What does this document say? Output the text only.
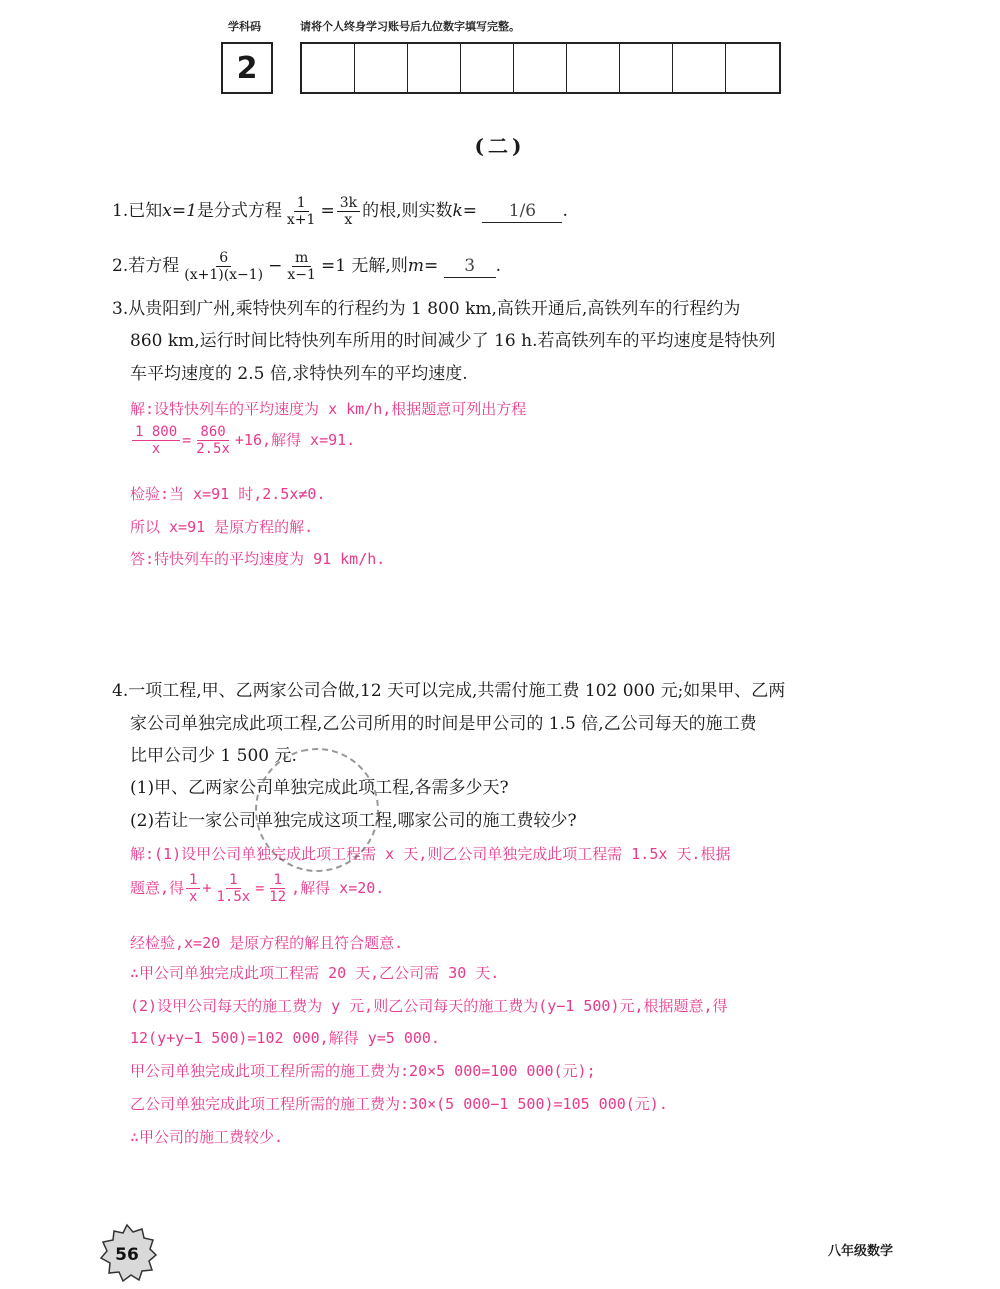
学科码	请将个人终身学习账号后九位数字填写完整。
2
(二)
1.已知x=1是分式方程 $\frac{1}{x+1} = \frac{3k}{x}$ 的根,则实数k= 1/6 .
2.若方程 $\frac{6}{(x+1)(x-1)} - \frac{m}{x-1} =1$ 无解,则m= 3 .
3.从贵阳到广州,乘特快列车的行程约为 1 800 km,高铁开通后,高铁列车的行程约为
860 km,运行时间比特快列车所用的时间减少了 16 h.若高铁列车的平均速度是特快列
车平均速度的 2.5 倍,求特快列车的平均速度.
解:设特快列车的平均速度为 x km/h,根据题意可列出方程
$\frac{1 800}{x} = \frac{860}{2.5x} +16$,解得 x=91.
检验:当 x=91 时,2.5x≠0.
所以 x=91 是原方程的解.
答:特快列车的平均速度为 91 km/h.
4.一项工程,甲、乙两家公司合做,12 天可以完成,共需付施工费 102 000 元;如果甲、乙两
家公司单独完成此项工程,乙公司所用的时间是甲公司的 1.5 倍,乙公司每天的施工费
比甲公司少 1 500 元.
(1)甲、乙两家公司单独完成此项工程,各需多少天?
(2)若让一家公司单独完成这项工程,哪家公司的施工费较少?
解:(1)设甲公司单独完成此项工程需 x 天,则乙公司单独完成此项工程需 1.5x 天.根据
题意,得 $\frac{1}{x} + \frac{1}{1.5x} = \frac{1}{12}$ ,解得 x=20.
经检验,x=20 是原方程的解且符合题意.
∴甲公司单独完成此项工程需 20 天,乙公司需 30 天.
(2)设甲公司每天的施工费为 y 元,则乙公司每天的施工费为(y−1 500)元,根据题意,得
12(y+y−1 500)=102 000,解得 y=5 000.
甲公司单独完成此项工程所需的施工费为:20×5 000=100 000(元);
乙公司单独完成此项工程所需的施工费为:30×(5 000−1 500)=105 000(元).
∴甲公司的施工费较少.
56	八年级数学
